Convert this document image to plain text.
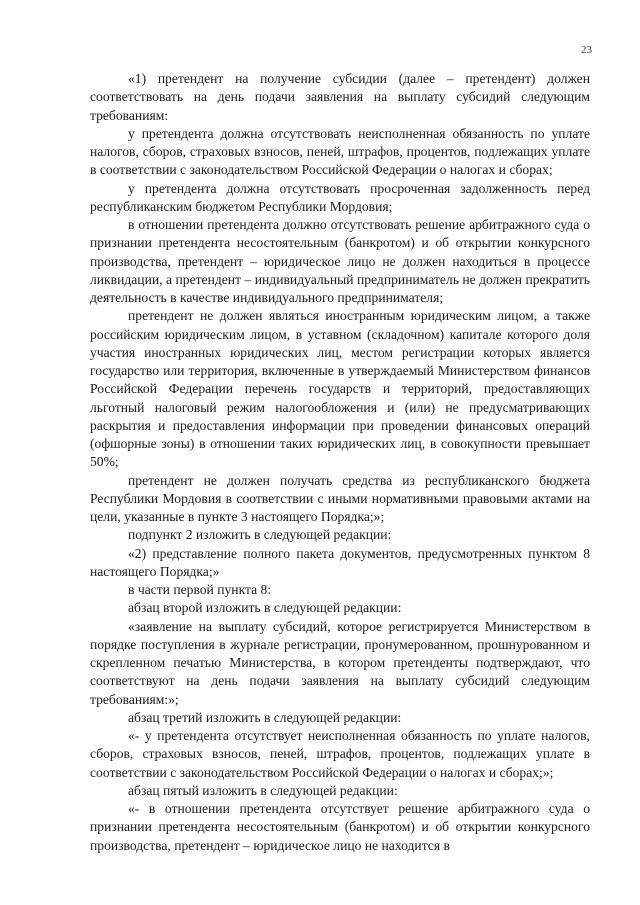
23

«1) претендент на получение субсидии (далее – претендент) должен соответствовать на день подачи заявления на выплату субсидий следующим требованиям:

у претендента должна отсутствовать неисполненная обязанность по уплате налогов, сборов, страховых взносов, пеней, штрафов, процентов, подлежащих уплате в соответствии с законодательством Российской Федерации о налогах и сборах;

у претендента должна отсутствовать просроченная задолженность перед республиканским бюджетом Республики Мордовия;

в отношении претендента должно отсутствовать решение арбитражного суда о признании претендента несостоятельным (банкротом) и об открытии конкурсного производства, претендент – юридическое лицо не должен находиться в процессе ликвидации, а претендент – индивидуальный предприниматель не должен прекратить деятельность в качестве индивидуального предпринимателя;

претендент не должен являться иностранным юридическим лицом, а также российским юридическим лицом, в уставном (складочном) капитале которого доля участия иностранных юридических лиц, местом регистрации которых является государство или территория, включенные в утверждаемый Министерством финансов Российской Федерации перечень государств и территорий, предоставляющих льготный налоговый режим налогообложения и (или) не предусматривающих раскрытия и предоставления информации при проведении финансовых операций (офшорные зоны) в отношении таких юридических лиц, в совокупности превышает 50%;

претендент не должен получать средства из республиканского бюджета Республики Мордовия в соответствии с иными нормативными правовыми актами на цели, указанные в пункте 3 настоящего Порядка;»;

подпункт 2 изложить в следующей редакции:

«2) представление полного пакета документов, предусмотренных пунктом 8 настоящего Порядка;»

в части первой пункта 8:

абзац второй изложить в следующей редакции:

«заявление на выплату субсидий, которое регистрируется Министерством в порядке поступления в журнале регистрации, пронумерованном, прошнурованном и скрепленном печатью Министерства, в котором претенденты подтверждают, что соответствуют на день подачи заявления на выплату субсидий следующим требованиям:»;

абзац третий изложить в следующей редакции:

«- у претендента отсутствует неисполненная обязанность по уплате налогов, сборов, страховых взносов, пеней, штрафов, процентов, подлежащих уплате в соответствии с законодательством Российской Федерации о налогах и сборах;»;

абзац пятый изложить в следующей редакции:

«- в отношении претендента отсутствует решение арбитражного суда о признании претендента несостоятельным (банкротом) и об открытии конкурсного производства, претендент – юридическое лицо не находится в
